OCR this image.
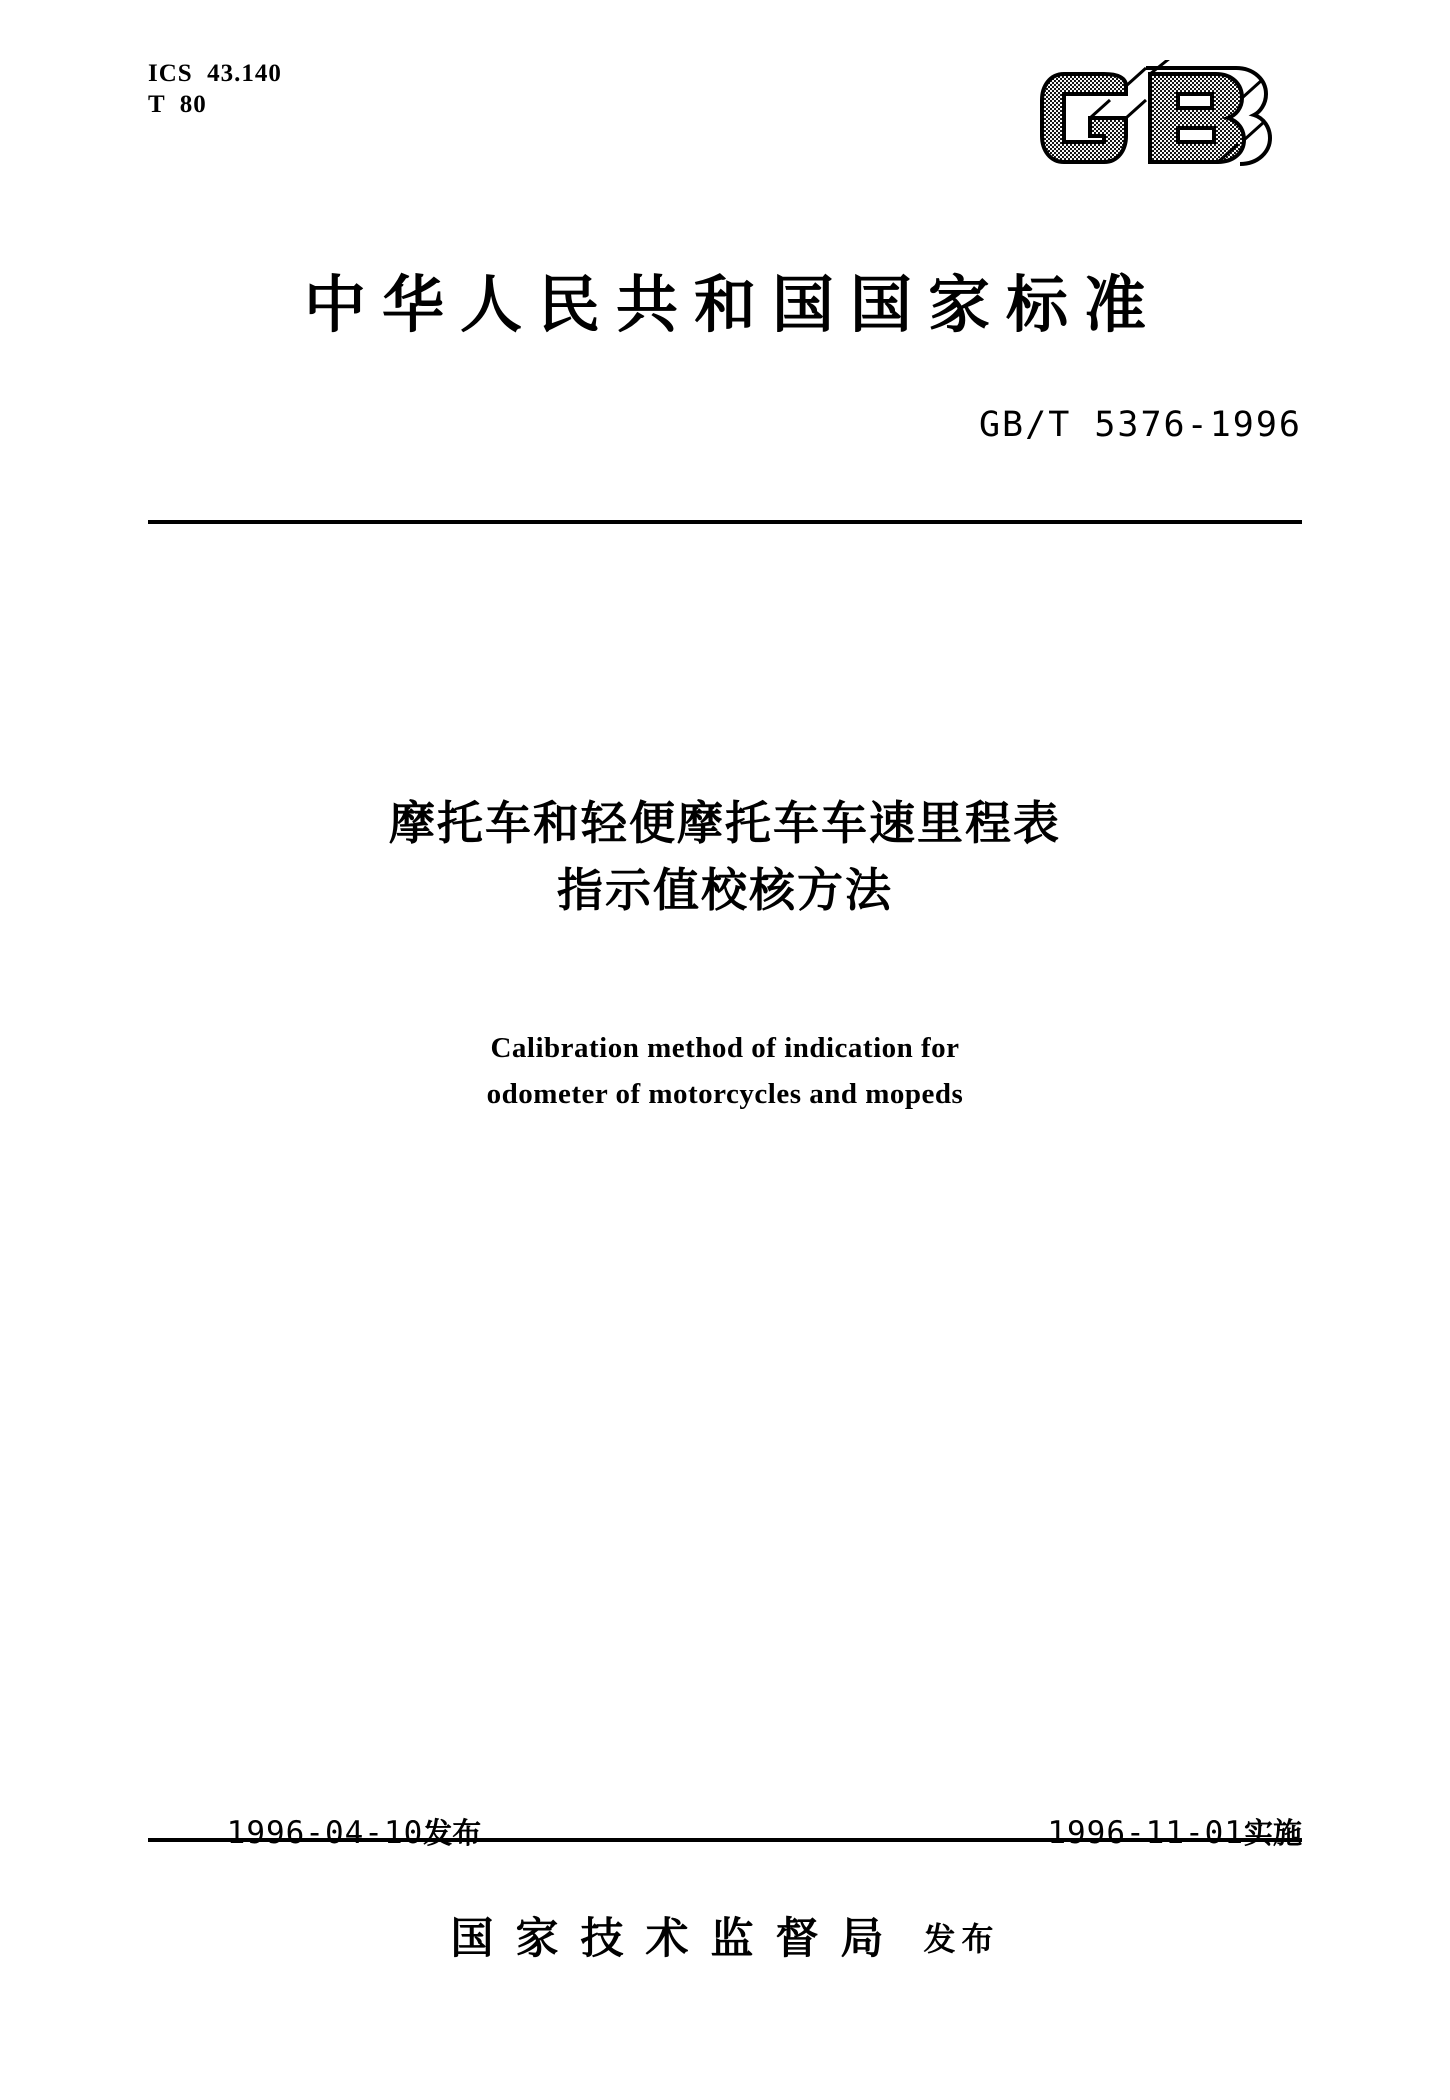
ICS  43.140
T  80
中华人民共和国国家标准
GB/T 5376-1996
摩托车和轻便摩托车车速里程表
指示值校核方法
Calibration method of indication for
odometer of motorcycles and mopeds

1996-04-10发布
	1996-11-01实施

国家技术监督局 发布
